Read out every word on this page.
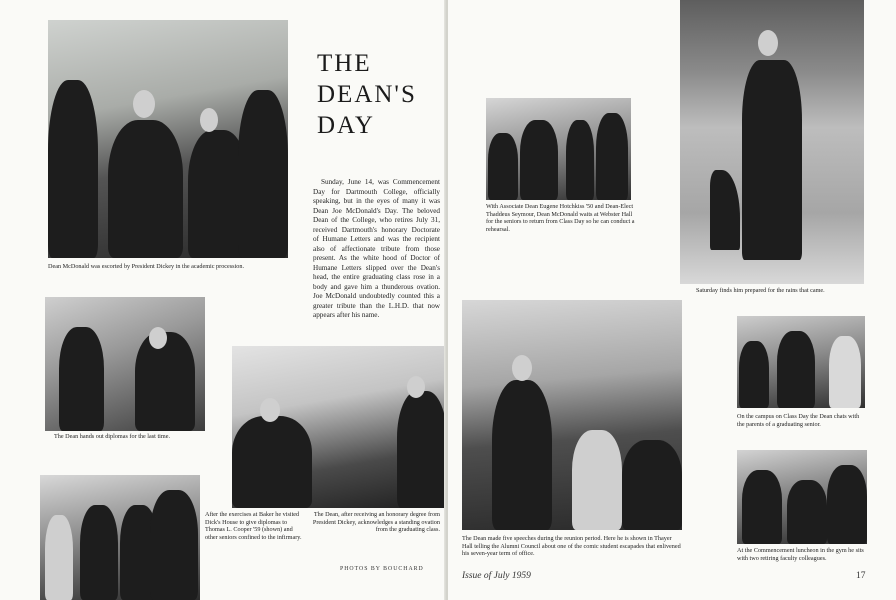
Dean McDonald was escorted by President Dickey in the academic procession.
THE
DEAN'S
DAY
Sunday, June 14, was Commencement Day for Dartmouth College, officially speaking, but in the eyes of many it was Dean Joe McDonald's Day. The beloved Dean of the College, who retires July 31, received Dartmouth's honorary Doctorate of Humane Letters and was the recipient also of affectionate tribute from those present. As the white hood of Doctor of Humane Letters slipped over the Dean's head, the entire graduating class rose in a body and gave him a thunderous ovation. Joe McDonald undoubtedly counted this a greater tribute than the L.H.D. that now appears after his name.
The Dean hands out diplomas for the last time.
The Dean, after receiving an honorary degree from President Dickey, acknowledges a standing ovation from the graduating class.
After the exercises at Baker he visited Dick's House to give diplomas to Thomas L. Cooper '59 (shown) and other seniors confined to the infirmary.
PHOTOS BY BOUCHARD
With Associate Dean Eugene Hotchkiss '50 and Dean-Elect Thaddeus Seymour, Dean McDonald waits at Webster Hall for the seniors to return from Class Day so he can conduct a rehearsal.
Saturday finds him prepared for the rains that came.
The Dean made five speeches during the reunion period. Here he is shown in Thayer Hall telling the Alumni Council about one of the comic student escapades that enlivened his seven-year term of office.
On the campus on Class Day the Dean chats with the parents of a graduating senior.
At the Commencement luncheon in the gym he sits with two retiring faculty colleagues.
Issue of July 1959	17
